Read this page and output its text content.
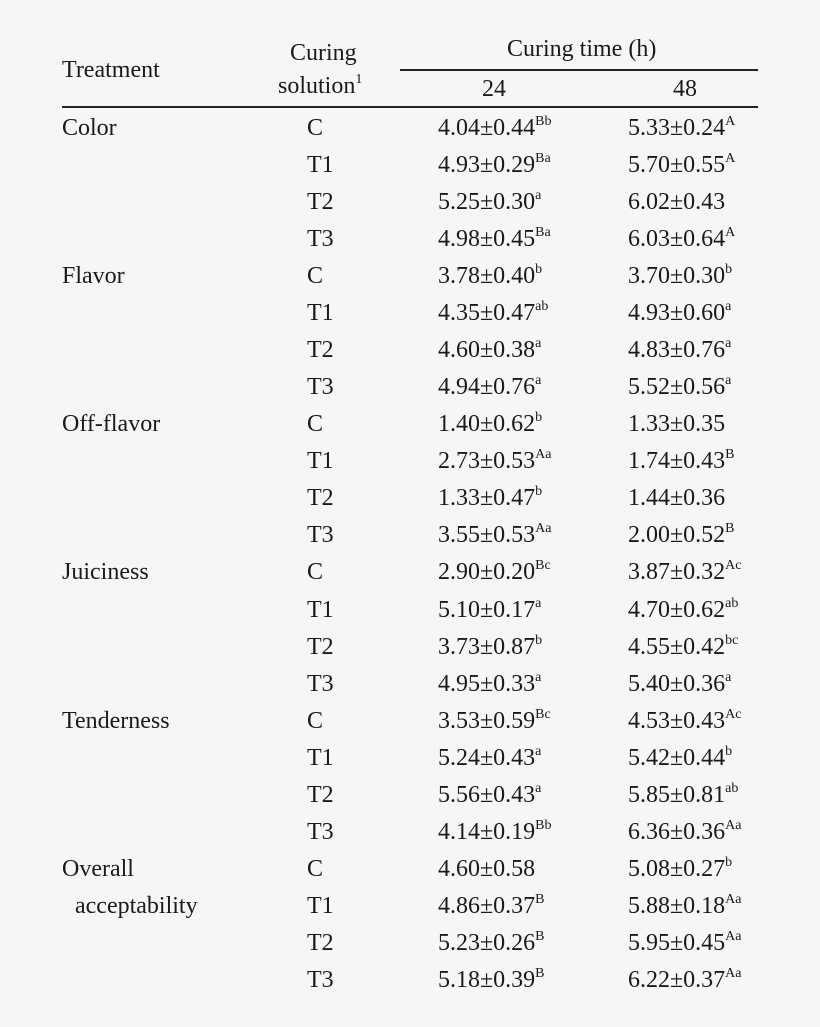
Treatment
Curing
solution$^1$
Curing time (h)
24	48
Color	C	$4.04\pm 0.44^{Bb}$	$5.33\pm 0.24^A$
T1	$4.93\pm 0.29^{Ba}$	$5.70\pm 0.55^A$
T2	5.25±0.30$^a$	6.02±0.43
T3	$4.98\pm 0.45^{Ba}$	$6.03\pm 0.64^A$
Flavor	C	3.78±0.40$^b$	3.70±0.30$^b$
T1	4.35±0.47$^{ab}$	4.93±0.60$^a$
T2	4.60±0.38$^a$	4.83±0.76$^a$
T3	4.94±0.76$^a$	5.52±0.56$^a$
Off-flavor	C	1.40±0.62$^b$	1.33±0.35
T1	$2.73\pm 0.53^{Aa}$	$1.74\pm 0.43^B$
T2	1.33±0.47$^b$	1.44±0.36
T3	$3.55\pm 0.53^{Aa}$	$2.00\pm 0.52^B$
Juiciness	C	$2.90\pm 0.20^{Bc}$	$3.87\pm 0.32^{Ac}$
T1	5.10±0.17$^a$	4.70±0.62$^{ab}$
T2	3.73±0.87$^b$	4.55±0.42$^{bc}$
T3	4.95±0.33$^a$	5.40±0.36$^a$
Tenderness	C	$3.53\pm 0.59^{Bc}$	$4.53\pm 0.43^{Ac}$
T1	5.24±0.43$^a$	5.42±0.44$^b$
T2	5.56±0.43$^a$	5.85±0.81$^{ab}$
T3	$4.14\pm 0.19^{Bb}$	$6.36\pm 0.36^{Aa}$
Overall
acceptability
C	4.60±0.58	5.08±0.27$^b$
T1	$4.86\pm 0.37^B$	$5.88\pm 0.18^{Aa}$
T2	$5.23\pm 0.26^B$	$5.95\pm 0.45^{Aa}$
T3	$5.18\pm 0.39^B$	$6.22\pm 0.37^{Aa}$
